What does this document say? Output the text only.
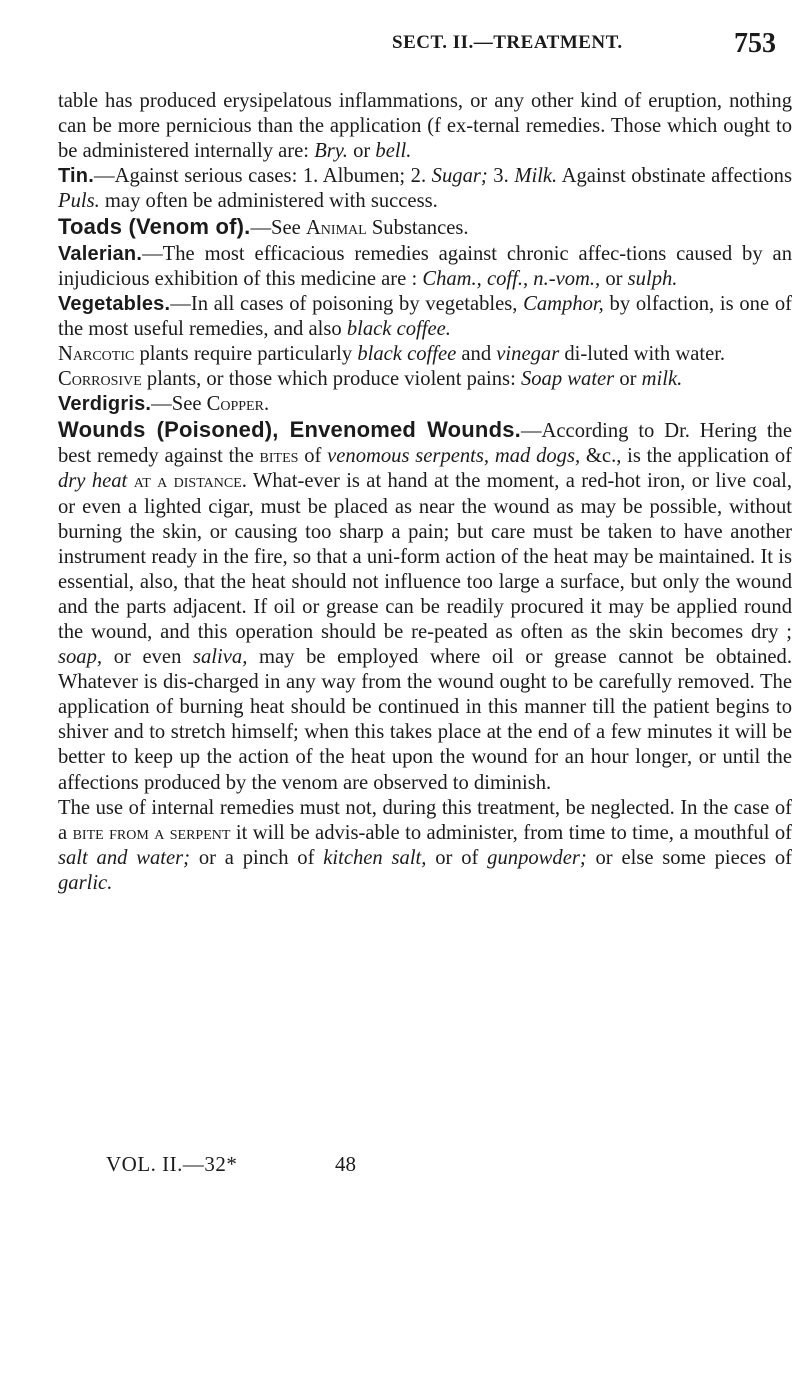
SECT. II.—TREATMENT.	753

table has produced erysipelatous inflammations, or any other kind of eruption, nothing can be more pernicious than the application (f ex-ternal remedies. Those which ought to be administered internally are: Bry. or bell.

Tin.—Against serious cases: 1. Albumen; 2. Sugar; 3. Milk. Against obstinate affections Puls. may often be administered with success.

Toads (Venom of).—See Animal Substances.

Valerian.—The most efficacious remedies against chronic affec-tions caused by an injudicious exhibition of this medicine are : Cham., coff., n.-vom., or sulph.

Vegetables.—In all cases of poisoning by vegetables, Camphor, by olfaction, is one of the most useful remedies, and also black coffee.

Narcotic plants require particularly black coffee and vinegar di-luted with water.

Corrosive plants, or those which produce violent pains: Soap water or milk.

Verdigris.—See Copper.

Wounds (Poisoned), Envenomed Wounds.—According to Dr. Hering the best remedy against the bites of venomous serpents, mad dogs, &c., is the application of dry heat at a distance. What-ever is at hand at the moment, a red-hot iron, or live coal, or even a lighted cigar, must be placed as near the wound as may be possible, without burning the skin, or causing too sharp a pain; but care must be taken to have another instrument ready in the fire, so that a uni-form action of the heat may be maintained. It is essential, also, that the heat should not influence too large a surface, but only the wound and the parts adjacent. If oil or grease can be readily procured it may be applied round the wound, and this operation should be re-peated as often as the skin becomes dry ; soap, or even saliva, may be employed where oil or grease cannot be obtained. Whatever is dis-charged in any way from the wound ought to be carefully removed. The application of burning heat should be continued in this manner till the patient begins to shiver and to stretch himself; when this takes place at the end of a few minutes it will be better to keep up the action of the heat upon the wound for an hour longer, or until the affections produced by the venom are observed to diminish.

The use of internal remedies must not, during this treatment, be neglected. In the case of a bite from a serpent it will be advis-able to administer, from time to time, a mouthful of salt and water; or a pinch of kitchen salt, or of gunpowder; or else some pieces of garlic.

VOL. II.—32*	48
